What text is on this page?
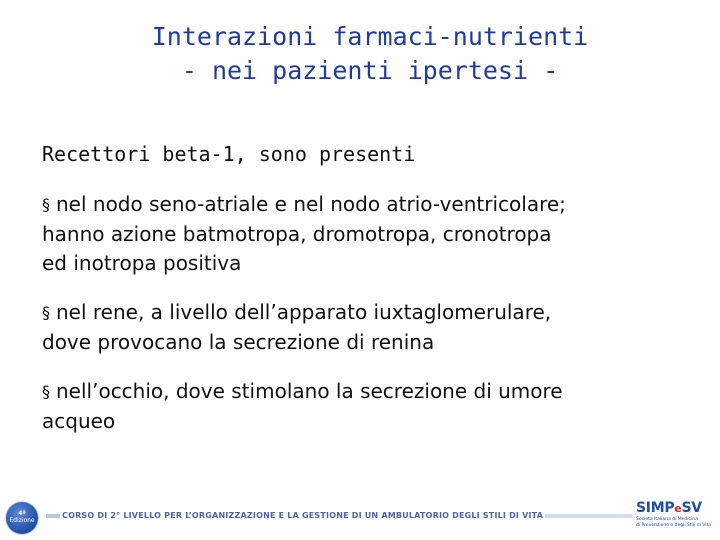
Interazioni farmaci-nutrienti
- nei pazienti ipertesi -
Recettori beta-1, sono presenti
§ nel nodo seno-atriale e nel nodo atrio-ventricolare;
hanno azione batmotropa, dromotropa, cronotropa
ed inotropa positiva
§ nel rene, a livello dell’apparato iuxtaglomerulare,
dove provocano la secrezione di renina
§ nell’occhio, dove stimolano la secrezione di umore
acqueo
4ª
Edizione
CORSO DI 2° LIVELLO PER L’ORGANIZZAZIONE E LA GESTIONE DI UN AMBULATORIO DEGLI STILI DI VITA	SIMPeSV
Società Italiana di Medicina
di Prevenzione e degli Stili di Vita
